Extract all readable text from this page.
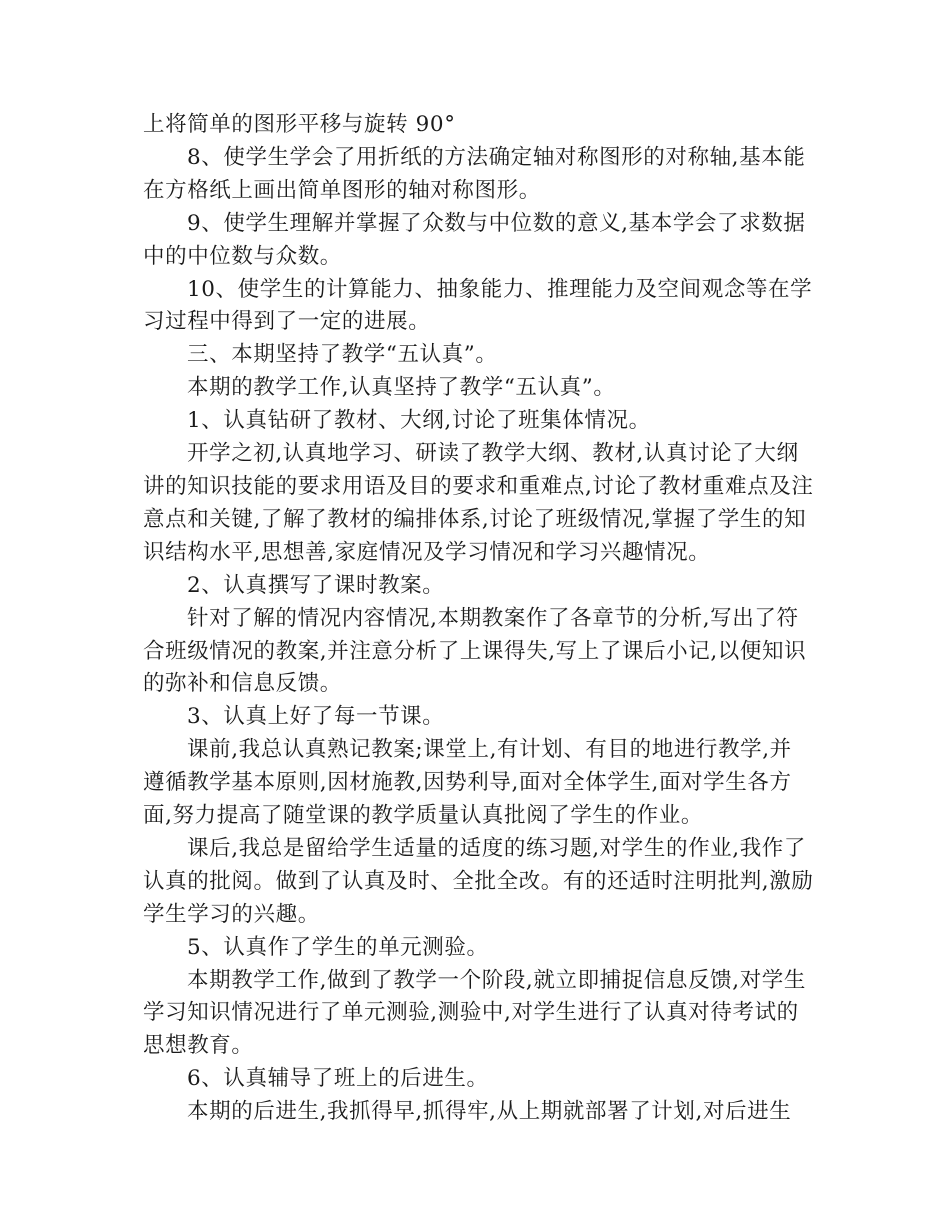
上将简单的图形平移与旋转 90°
8、使学生学会了用折纸的方法确定轴对称图形的对称轴,基本能
在方格纸上画出简单图形的轴对称图形。
9、使学生理解并掌握了众数与中位数的意义,基本学会了求数据
中的中位数与众数。
10、使学生的计算能力、抽象能力、推理能力及空间观念等在学
习过程中得到了一定的进展。
三、本期坚持了教学“五认真”。
本期的教学工作,认真坚持了教学“五认真”。
1、认真钻研了教材、大纲,讨论了班集体情况。
开学之初,认真地学习、研读了教学大纲、教材,认真讨论了大纲
讲的知识技能的要求用语及目的要求和重难点,讨论了教材重难点及注
意点和关键,了解了教材的编排体系,讨论了班级情况,掌握了学生的知
识结构水平,思想善,家庭情况及学习情况和学习兴趣情况。
2、认真撰写了课时教案。
针对了解的情况内容情况,本期教案作了各章节的分析,写出了符
合班级情况的教案,并注意分析了上课得失,写上了课后小记,以便知识
的弥补和信息反馈。
3、认真上好了每一节课。
课前,我总认真熟记教案;课堂上,有计划、有目的地进行教学,并
遵循教学基本原则,因材施教,因势利导,面对全体学生,面对学生各方
面,努力提高了随堂课的教学质量认真批阅了学生的作业。
课后,我总是留给学生适量的适度的练习题,对学生的作业,我作了
认真的批阅。做到了认真及时、全批全改。有的还适时注明批判,激励
学生学习的兴趣。
5、认真作了学生的单元测验。
本期教学工作,做到了教学一个阶段,就立即捕捉信息反馈,对学生
学习知识情况进行了单元测验,测验中,对学生进行了认真对待考试的
思想教育。
6、认真辅导了班上的后进生。
本期的后进生,我抓得早,抓得牢,从上期就部署了计划,对后进生
